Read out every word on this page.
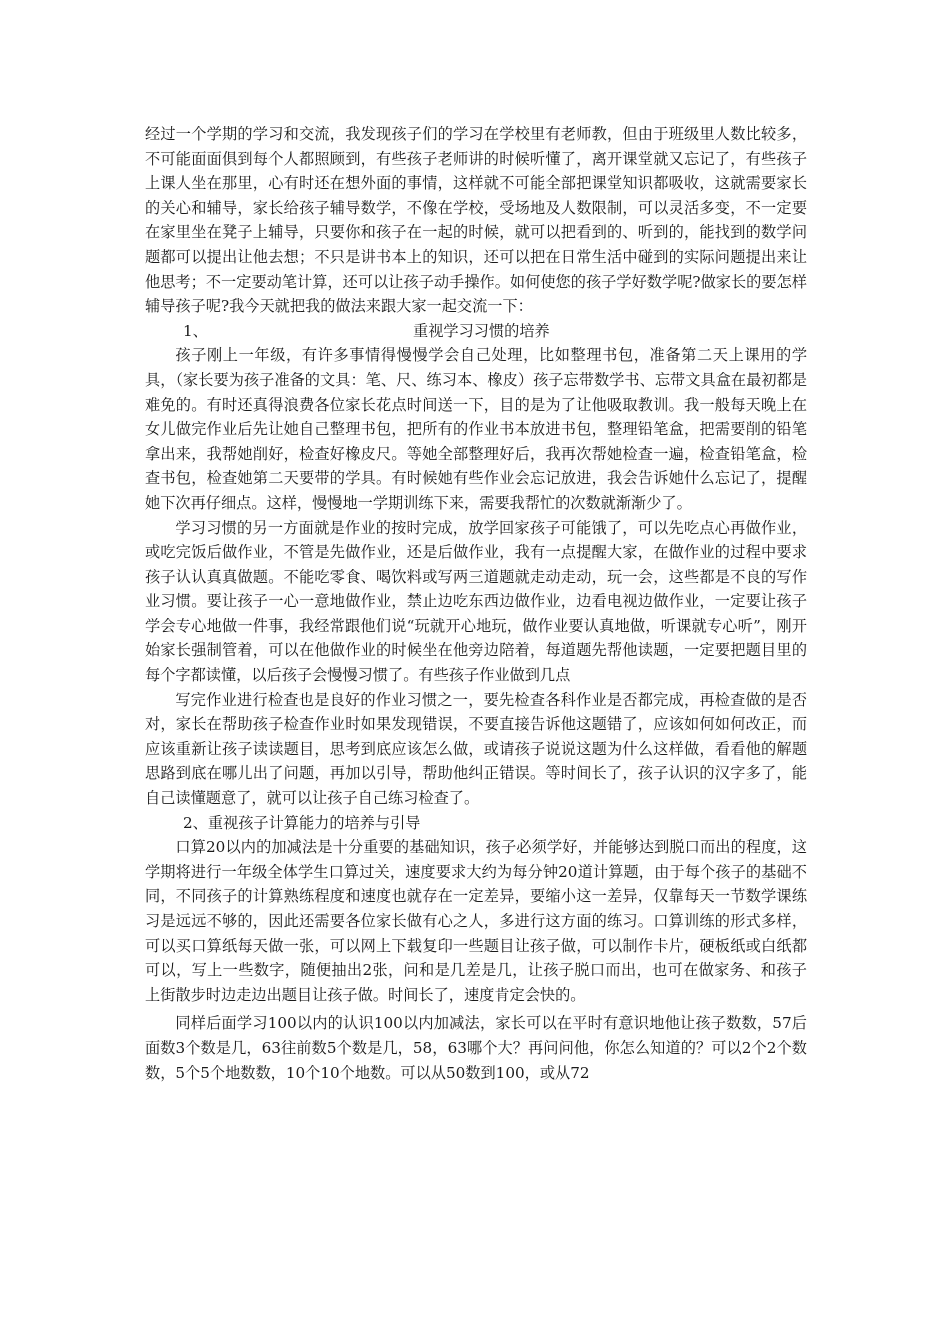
经过一个学期的学习和交流，我发现孩子们的学习在学校里有老师教，但由于班级里人数比较多，不可能面面俱到每个人都照顾到，有些孩子老师讲的时候听懂了，离开课堂就又忘记了，有些孩子上课人坐在那里，心有时还在想外面的事情，这样就不可能全部把课堂知识都吸收，这就需要家长的关心和辅导，家长给孩子辅导数学，不像在学校，受场地及人数限制，可以灵活多变，不一定要在家里坐在凳子上辅导，只要你和孩子在一起的时候，就可以把看到的、听到的，能找到的数学问题都可以提出让他去想；不只是讲书本上的知识，还可以把在日常生活中碰到的实际问题提出来让他思考；不一定要动笔计算，还可以让孩子动手操作。如何使您的孩子学好数学呢?做家长的要怎样辅导孩子呢?我今天就把我的做法来跟大家一起交流一下：

1、	重视学习习惯的培养

孩子刚上一年级，有许多事情得慢慢学会自己处理，比如整理书包，准备第二天上课用的学具，（家长要为孩子准备的文具：笔、尺、练习本、橡皮）孩子忘带数学书、忘带文具盒在最初都是难免的。有时还真得浪费各位家长花点时间送一下，目的是为了让他吸取教训。我一般每天晚上在女儿做完作业后先让她自己整理书包，把所有的作业书本放进书包，整理铅笔盒，把需要削的铅笔拿出来，我帮她削好，检查好橡皮尺。等她全部整理好后，我再次帮她检查一遍，检查铅笔盒，检查书包，检查她第二天要带的学具。有时候她有些作业会忘记放进，我会告诉她什么忘记了，提醒她下次再仔细点。这样，慢慢地一学期训练下来，需要我帮忙的次数就渐渐少了。

学习习惯的另一方面就是作业的按时完成，放学回家孩子可能饿了，可以先吃点心再做作业，或吃完饭后做作业，不管是先做作业，还是后做作业，我有一点提醒大家，在做作业的过程中要求孩子认认真真做题。不能吃零食、喝饮料或写两三道题就走动走动，玩一会，这些都是不良的写作业习惯。要让孩子一心一意地做作业，禁止边吃东西边做作业，边看电视边做作业，一定要让孩子学会专心地做一件事，我经常跟他们说“玩就开心地玩，做作业要认真地做，听课就专心听”，刚开始家长强制管着，可以在他做作业的时候坐在他旁边陪着，每道题先帮他读题，一定要把题目里的每个字都读懂，以后孩子会慢慢习惯了。有些孩子作业做到几点

写完作业进行检查也是良好的作业习惯之一，要先检查各科作业是否都完成，再检查做的是否对，家长在帮助孩子检查作业时如果发现错误，不要直接告诉他这题错了，应该如何如何改正，而应该重新让孩子读读题目，思考到底应该怎么做，或请孩子说说这题为什么这样做，看看他的解题思路到底在哪儿出了问题，再加以引导，帮助他纠正错误。等时间长了，孩子认识的汉字多了，能自己读懂题意了，就可以让孩子自己练习检查了。

2、重视孩子计算能力的培养与引导

口算20以内的加减法是十分重要的基础知识，孩子必须学好，并能够达到脱口而出的程度，这学期将进行一年级全体学生口算过关，速度要求大约为每分钟20道计算题，由于每个孩子的基础不同，不同孩子的计算熟练程度和速度也就存在一定差异，要缩小这一差异，仅靠每天一节数学课练习是远远不够的，因此还需要各位家长做有心之人，多进行这方面的练习。口算训练的形式多样，可以买口算纸每天做一张，可以网上下载复印一些题目让孩子做，可以制作卡片，硬板纸或白纸都可以，写上一些数字，随便抽出2张，问和是几差是几，让孩子脱口而出，也可在做家务、和孩子上街散步时边走边出题目让孩子做。时间长了，速度肯定会快的。

同样后面学习100以内的认识100以内加减法，家长可以在平时有意识地他让孩子数数，57后面数3个数是几，63往前数5个数是几，58，63哪个大？再问问他，你怎么知道的？可以2个2个数数，5个5个地数数，10个10个地数。可以从50数到100，或从72
